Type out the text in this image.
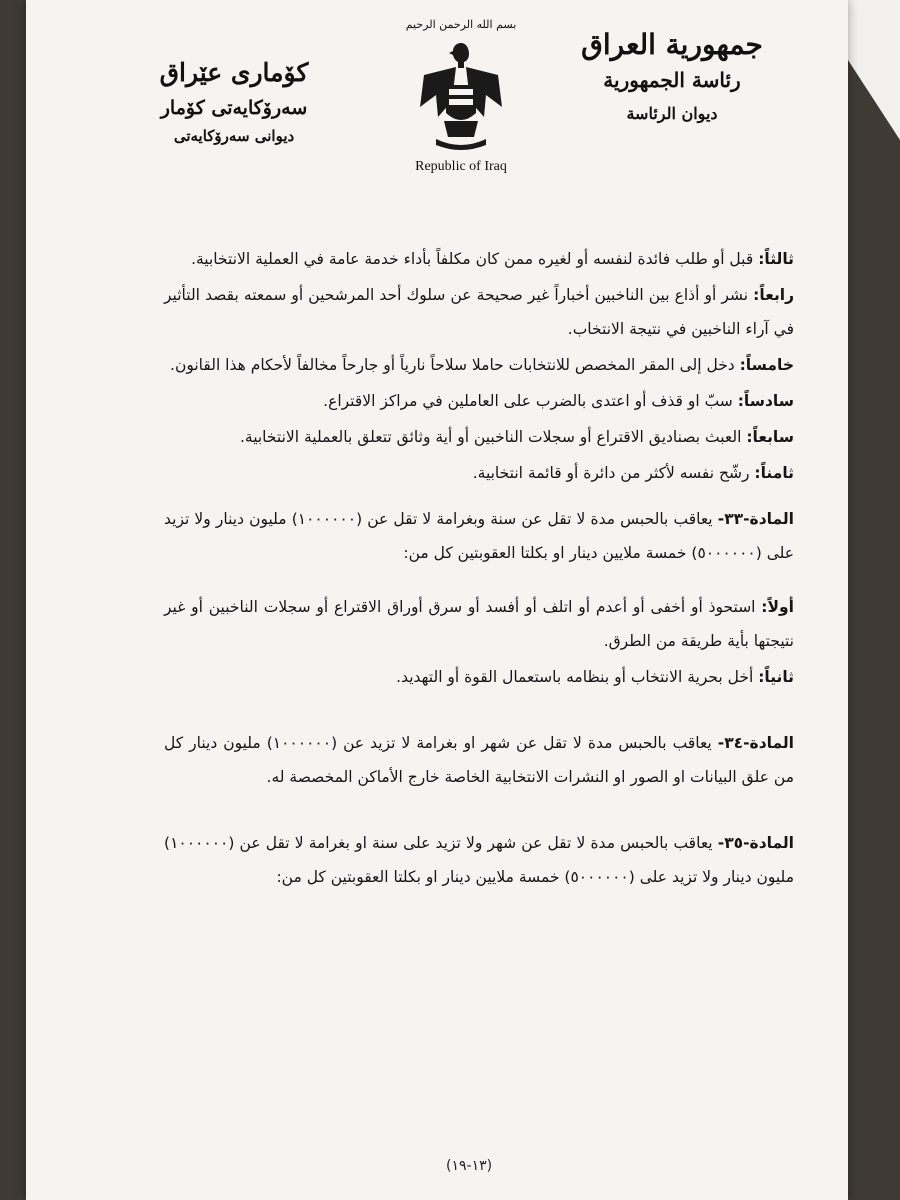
جمهورية العراق
رئاسة الجمهورية
ديوان الرئاسة
بسم الله الرحمن الرحيم
Republic of Iraq
كۆماری عێراق
سەرۆکایەتی کۆمار
دیوانی سەرۆکایەتی

ثالثاً: قبل أو طلب فائدة لنفسه أو لغيره ممن كان مكلفاً بأداء خدمة عامة في العملية الانتخابية.

رابعاً: نشر أو أذاع بين الناخبين أخباراً غير صحيحة عن سلوك أحد المرشحين أو سمعته بقصد التأثير في آراء الناخبين في نتيجة الانتخاب.

خامساً: دخل إلى المقر المخصص للانتخابات حاملا سلاحاً نارياً أو جارحاً مخالفاً لأحكام هذا القانون.

سادساً: سبّ او قذف أو اعتدى بالضرب على العاملين في مراكز الاقتراع.

سابعاً: العبث بصناديق الاقتراع أو سجلات الناخبين أو أية وثائق تتعلق بالعملية الانتخابية.

ثامناً: رشّح نفسه لأكثر من دائرة أو قائمة انتخابية.

المادة-٣٣- يعاقب بالحبس مدة لا تقل عن سنة وبغرامة لا تقل عن (١٠٠٠٠٠٠) مليون دينار ولا تزيد على (٥٠٠٠٠٠٠) خمسة ملايين دينار او بكلتا العقوبتين كل من:

أولاً: استحوذ أو أخفى أو أعدم أو اتلف أو أفسد أو سرق أوراق الاقتراع أو سجلات الناخبين أو غير نتيجتها بأية طريقة من الطرق.

ثانياً: أخل بحرية الانتخاب أو بنظامه باستعمال القوة أو التهديد.

المادة-٣٤- يعاقب بالحبس مدة لا تقل عن شهر او بغرامة لا تزيد عن (١٠٠٠٠٠٠) مليون دينار كل من علق البيانات او الصور او النشرات الانتخابية الخاصة خارج الأماكن المخصصة له.

المادة-٣٥- يعاقب بالحبس مدة لا تقل عن شهر ولا تزيد على سنة او بغرامة لا تقل عن (١٠٠٠٠٠٠) مليون دينار ولا تزيد على (٥٠٠٠٠٠٠) خمسة ملايين دينار او بكلتا العقوبتين كل من:

(١٣-١٩)
